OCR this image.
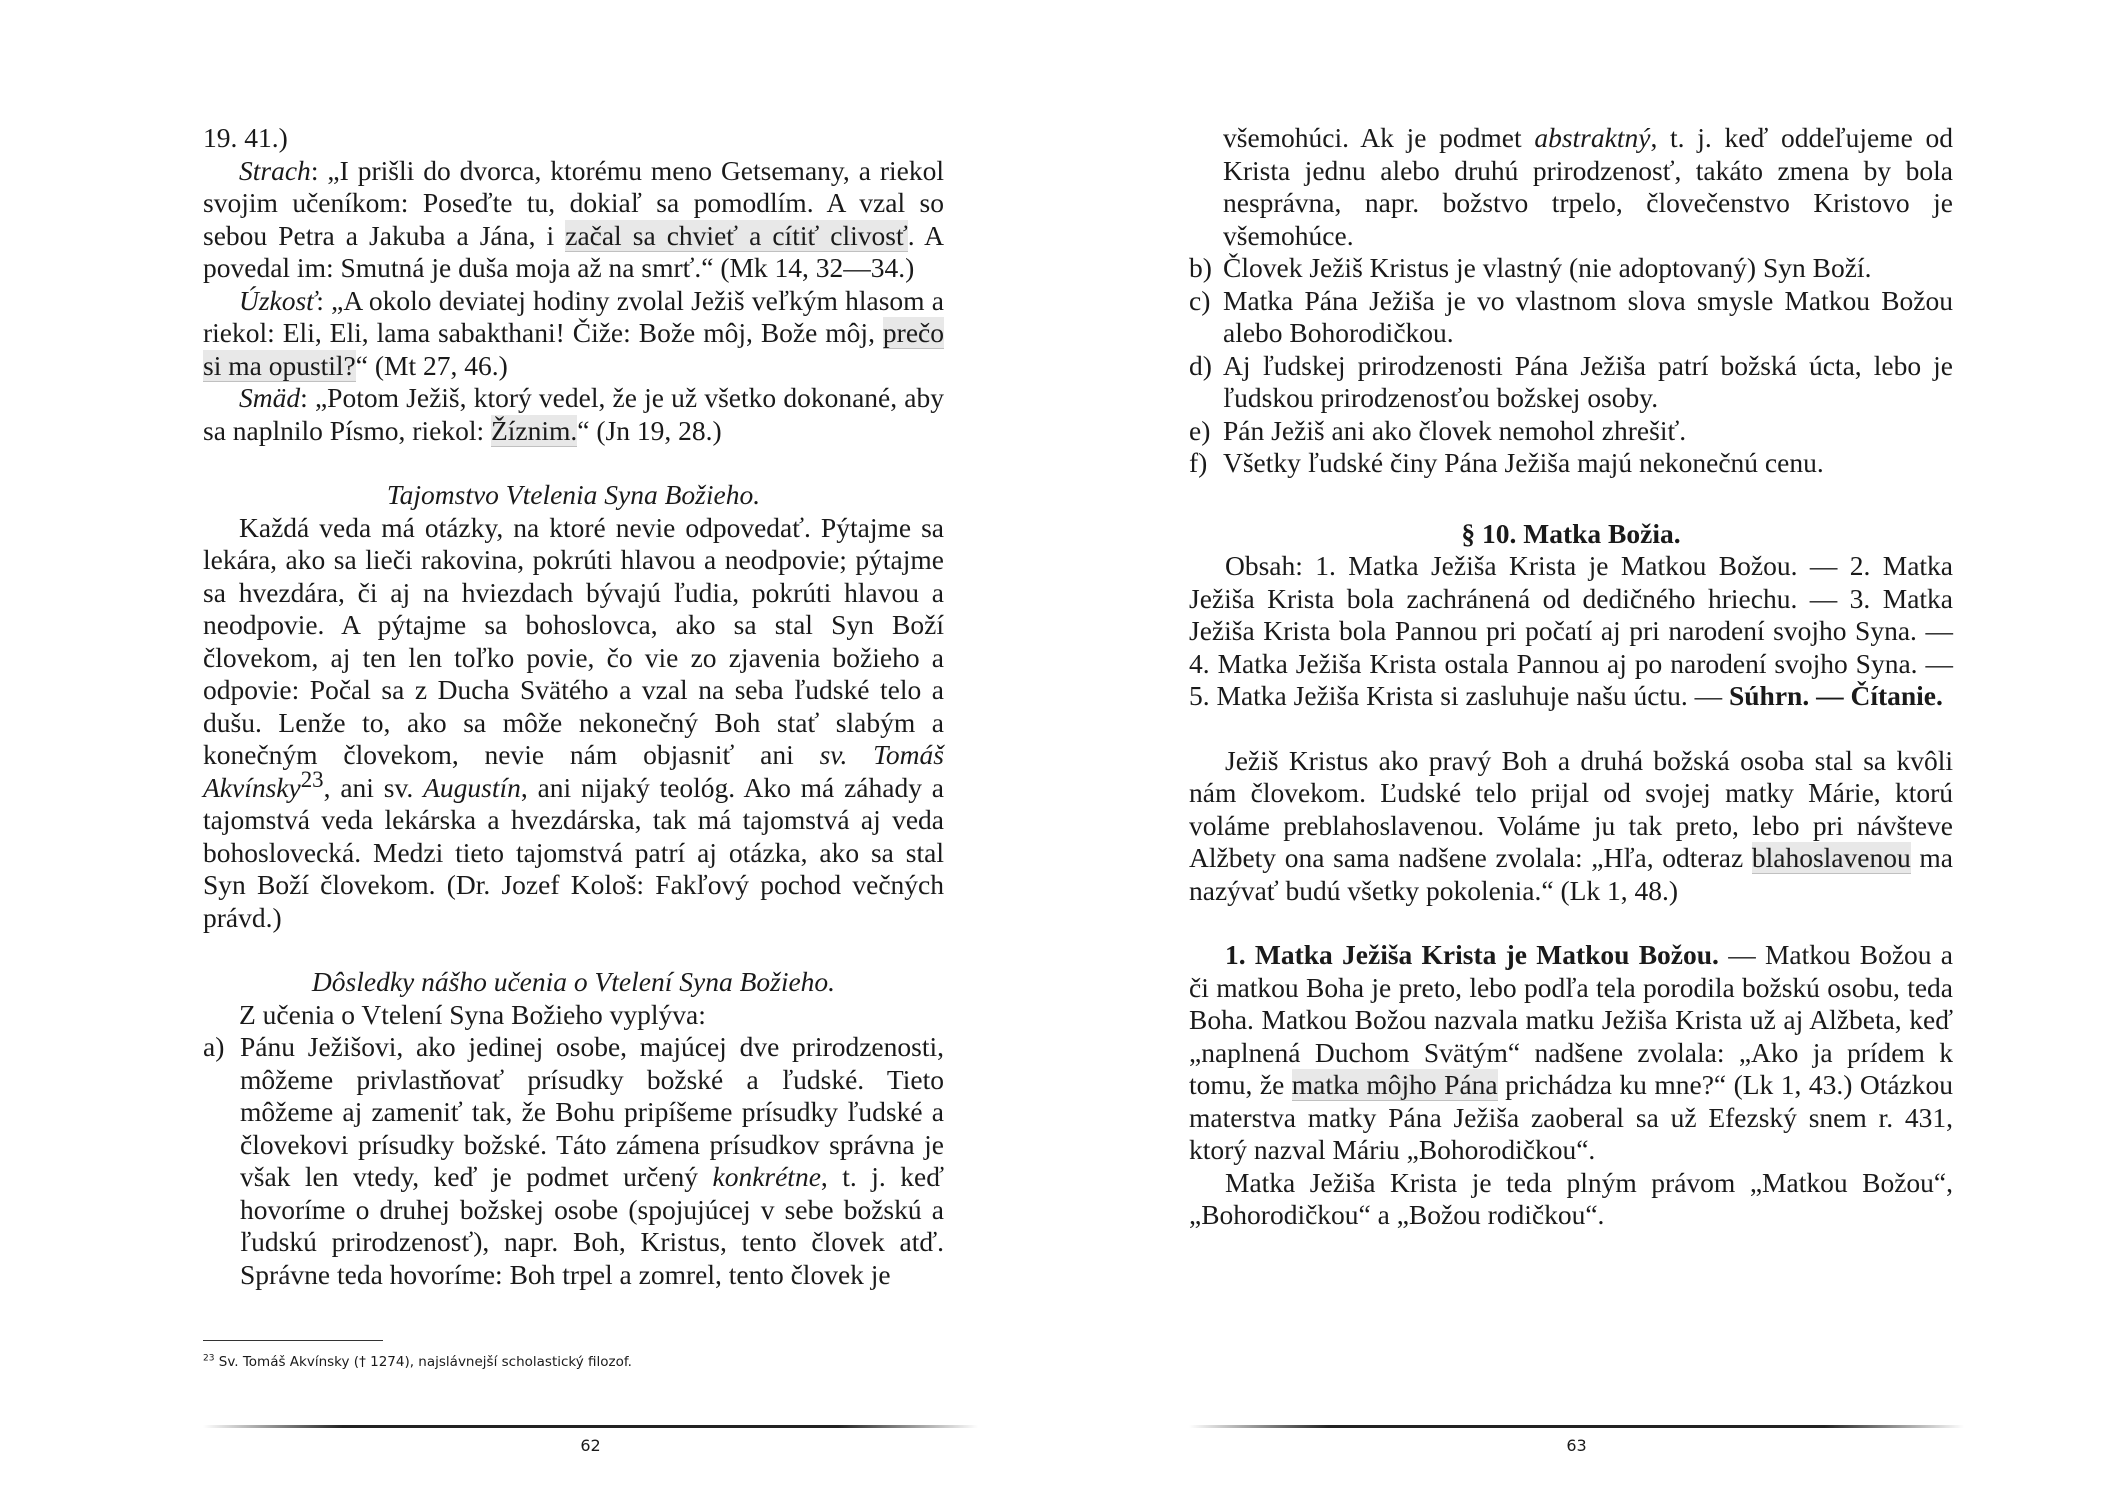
19. 41.)

Strach: „I prišli do dvorca, ktorému meno Getsemany, a riekol svojim učeníkom: Poseďte tu, dokiaľ sa pomodlím. A vzal so sebou Petra a Jakuba a Jána, i začal sa chvieť a cítiť clivosť. A povedal im: Smutná je duša moja až na smrť.“ (Mk 14, 32—34.)

Úzkosť: „A okolo deviatej hodiny zvolal Ježiš veľkým hlasom a riekol: Eli, Eli, lama sabakthani! Čiže: Bože môj, Bože môj, prečo si ma opustil?“ (Mt 27, 46.)

Smäd: „Potom Ježiš, ktorý vedel, že je už všetko dokonané, aby sa naplnilo Písmo, riekol: Žíznim.“ (Jn 19, 28.)

Tajomstvo Vtelenia Syna Božieho.

Každá veda má otázky, na ktoré nevie odpovedať. Pýtajme sa lekára, ako sa lieči rakovina, pokrúti hlavou a neodpovie; pýtajme sa hvezdára, či aj na hviezdach bývajú ľudia, pokrúti hlavou a neodpovie. A pýtajme sa bohoslovca, ako sa stal Syn Boží človekom, aj ten len toľko povie, čo vie zo zjavenia božieho a odpovie: Počal sa z Ducha Svätého a vzal na seba ľudské telo a dušu. Lenže to, ako sa môže nekonečný Boh stať slabým a konečným človekom, nevie nám objasniť ani sv. Tomáš Akvínsky$^{23}$, ani sv. Augustín, ani nijaký teológ. Ako má záhady a tajomstvá veda lekárska a hvezdárska, tak má tajomstvá aj veda bohoslovecká. Medzi tieto tajomstvá patrí aj otázka, ako sa stal Syn Boží človekom. (Dr. Jozef Kološ: Fakľový pochod večných právd.)

Dôsledky nášho učenia o Vtelení Syna Božieho.

Z učenia o Vtelení Syna Božieho vyplýva:

a) Pánu Ježišovi, ako jedinej osobe, majúcej dve prirodzenosti, môžeme privlastňovať prísudky božské a ľudské. Tieto môžeme aj zameniť tak, že Bohu pripíšeme prísudky ľudské a človekovi prísudky božské. Táto zámena prísudkov správna je však len vtedy, keď je podmet určený konkrétne, t. j. keď hovoríme o druhej božskej osobe (spojujúcej v sebe božskú a ľudskú prirodzenosť), napr. Boh, Kristus, tento človek atď. Správne teda hovoríme: Boh trpel a zomrel, tento človek je
$^{23}$ Sv. Tomáš Akvínsky († 1274), najslávnejší scholastický filozof.
62

všemohúci. Ak je podmet abstraktný, t. j. keď oddeľujeme od Krista jednu alebo druhú prirodzenosť, takáto zmena by bola nesprávna, napr. božstvo trpelo, človečenstvo Kristovo je všemohúce.

b) Človek Ježiš Kristus je vlastný (nie adoptovaný) Syn Boží.
c) Matka Pána Ježiša je vo vlastnom slova smysle Matkou Božou alebo Bohorodičkou.
d) Aj ľudskej prirodzenosti Pána Ježiša patrí božská úcta, lebo je ľudskou prirodzenosťou božskej osoby.
e) Pán Ježiš ani ako človek nemohol zhrešiť.
f) Všetky ľudské činy Pána Ježiša majú nekonečnú cenu.

§ 10. Matka Božia.

Obsah: 1. Matka Ježiša Krista je Matkou Božou. — 2. Matka Ježiša Krista bola zachránená od dedičného hriechu. — 3. Matka Ježiša Krista bola Pannou pri počatí aj pri narodení svojho Syna. — 4. Matka Ježiša Krista ostala Pannou aj po narodení svojho Syna. — 5. Matka Ježiša Krista si zasluhuje našu úctu. — Súhrn. — Čítanie.

Ježiš Kristus ako pravý Boh a druhá božská osoba stal sa kvôli nám človekom. Ľudské telo prijal od svojej matky Márie, ktorú voláme preblahoslavenou. Voláme ju tak preto, lebo pri návšteve Alžbety ona sama nadšene zvolala: „Hľa, odteraz blahoslavenou ma nazývať budú všetky pokolenia.“ (Lk 1, 48.)

1. Matka Ježiša Krista je Matkou Božou. — Matkou Božou a či matkou Boha je preto, lebo podľa tela porodila božskú osobu, teda Boha. Matkou Božou nazvala matku Ježiša Krista už aj Alžbeta, keď „naplnená Duchom Svätým“ nadšene zvolala: „Ako ja prídem k tomu, že matka môjho Pána prichádza ku mne?“ (Lk 1, 43.) Otázkou materstva matky Pána Ježiša zaoberal sa už Efezský snem r. 431, ktorý nazval Máriu „Bohorodičkou“.

Matka Ježiša Krista je teda plným právom „Matkou Božou“, „Bohorodičkou“ a „Božou rodičkou“.

63
